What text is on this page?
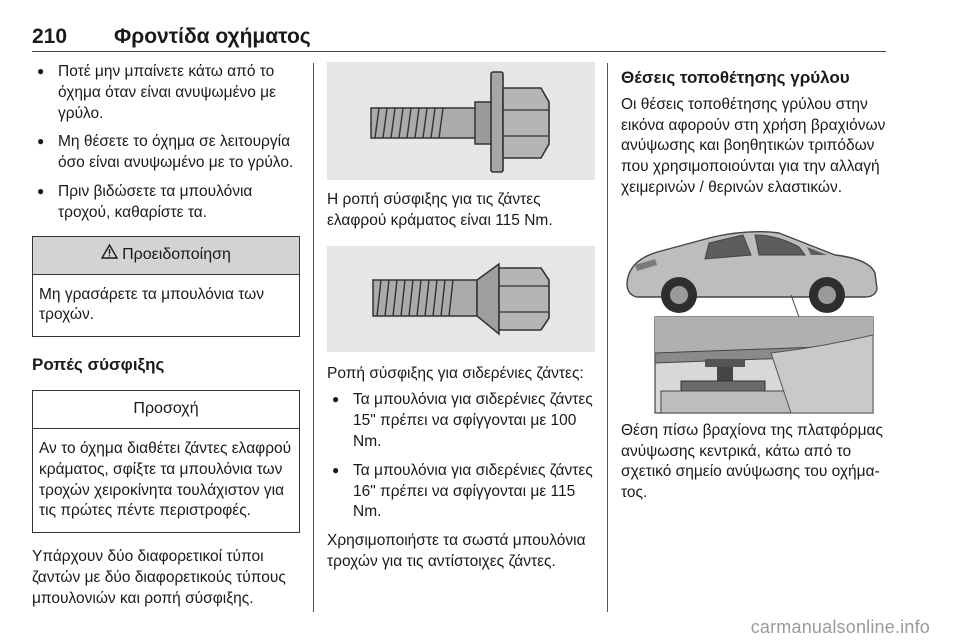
210 Φροντίδα οχήματος
● Ποτέ μην μπαίνετε κάτω από το όχημα όταν είναι ανυψωμένο με γρύλο.
● Μη θέσετε το όχημα σε λειτουργία όσο είναι ανυψωμένο με το γρύλο.
● Πριν βιδώσετε τα μπουλόνια τροχού, καθαρίστε τα.
Προειδοποίηση
Μη γρασάρετε τα μπουλόνια των τροχών.
Ροπές σύσφιξης
Προσοχή
Αν το όχημα διαθέτει ζάντες ελαφρού κράματος, σφίξτε τα μπουλόνια των τροχών χειροκίνητα τουλάχιστον για τις πρώτες πέντε περιστροφές.
Υπάρχουν δύο διαφορετικοί τύποι ζαντών με δύο διαφορετικούς τύπους μπουλονιών και ροπή σύσφιξης.
Η ροπή σύσφιξης για τις ζάντες ελαφρού κράματος είναι 115 Nm.
Ροπή σύσφιξης για σιδερένιες ζάντες:
● Τα μπουλόνια για σιδερένιες ζάντες 15" πρέπει να σφίγγονται με 100 Nm.
● Τα μπουλόνια για σιδερένιες ζάντες 16" πρέπει να σφίγγονται με 115 Nm.
Χρησιμοποιήστε τα σωστά μπουλόνια τροχών για τις αντίστοιχες ζάντες.
Θέσεις τοποθέτησης γρύλου
Οι θέσεις τοποθέτησης γρύλου στην εικόνα αφορούν στη χρήση βραχιόνων ανύψωσης και βοηθητικών τριπόδων που χρησιμοποιούνται για την αλλαγή χειμερινών / θερινών ελαστικών.
Θέση πίσω βραχίονα της πλατφόρμας ανύψωσης κεντρικά, κάτω από το σχετικό σημείο ανύψωσης του οχήματος.
carmanualsonline.info
